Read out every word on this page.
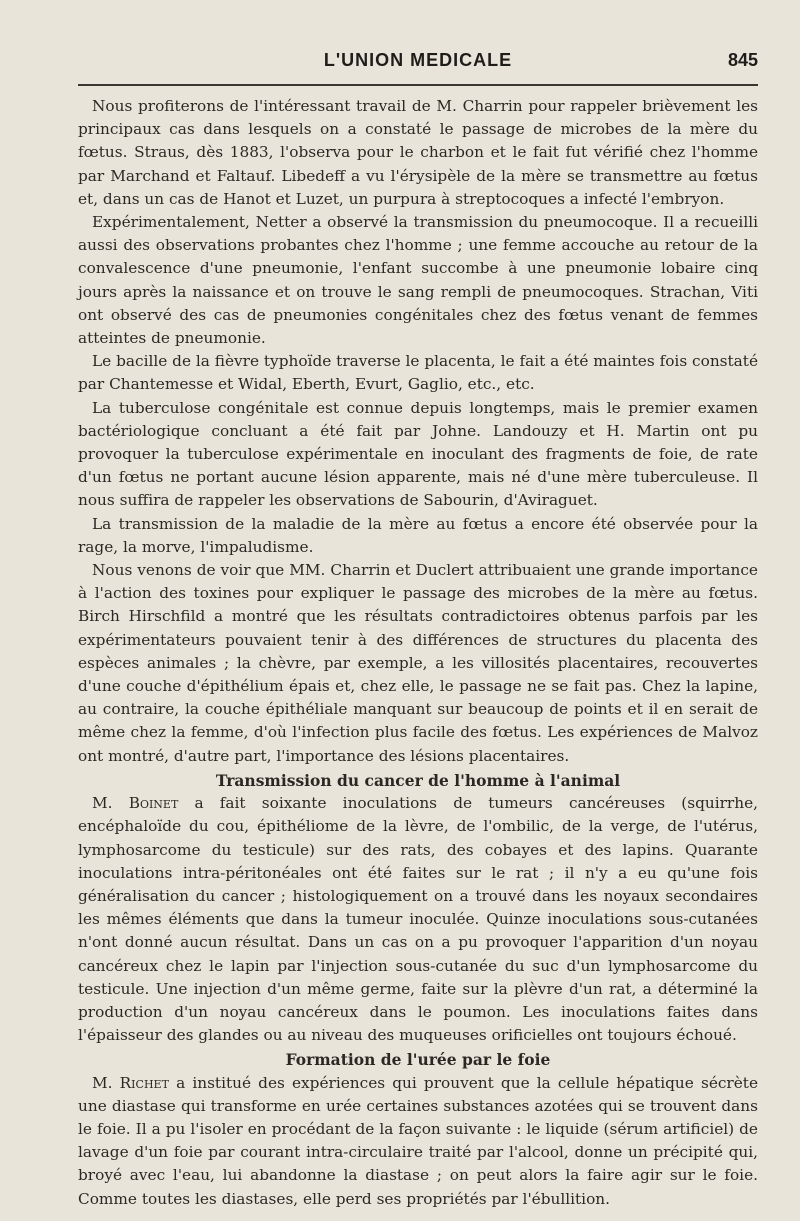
L'UNION MEDICALE	845

Nous profiterons de l'intéressant travail de M. Charrin pour rappeler brièvement les principaux cas dans lesquels on a constaté le passage de microbes de la mère du fœtus. Straus, dès 1883, l'observa pour le charbon et le fait fut vérifié chez l'homme par Marchand et Faltauf. Libedeff a vu l'érysipèle de la mère se transmettre au fœtus et, dans un cas de Hanot et Luzet, un purpura à streptocoques a infecté l'embryon.

Expérimentalement, Netter a observé la transmission du pneumocoque. Il a recueilli aussi des observations probantes chez l'homme ; une femme accouche au retour de la convalescence d'une pneumonie, l'enfant succombe à une pneumonie lobaire cinq jours après la naissance et on trouve le sang rempli de pneumocoques. Strachan, Viti ont observé des cas de pneumonies congénitales chez des fœtus venant de femmes atteintes de pneumonie.

Le bacille de la fièvre typhoïde traverse le placenta, le fait a été maintes fois constaté par Chantemesse et Widal, Eberth, Evurt, Gaglio, etc., etc.

La tuberculose congénitale est connue depuis longtemps, mais le premier examen bactériologique concluant a été fait par Johne. Landouzy et H. Martin ont pu provoquer la tuberculose expérimentale en inoculant des fragments de foie, de rate d'un fœtus ne portant aucune lésion apparente, mais né d'une mère tuberculeuse. Il nous suffira de rappeler les observations de Sabourin, d'Aviraguet.

La transmission de la maladie de la mère au fœtus a encore été observée pour la rage, la morve, l'impaludisme.

Nous venons de voir que MM. Charrin et Duclert attribuaient une grande importance à l'action des toxines pour expliquer le passage des microbes de la mère au fœtus. Birch Hirschfild a montré que les résultats contradictoires obtenus parfois par les expérimentateurs pouvaient tenir à des différences de structures du placenta des espèces animales ; la chèvre, par exemple, a les villosités placentaires, recouvertes d'une couche d'épithélium épais et, chez elle, le passage ne se fait pas. Chez la lapine, au contraire, la couche épithéliale manquant sur beaucoup de points et il en serait de même chez la femme, d'où l'infection plus facile des fœtus. Les expériences de Malvoz ont montré, d'autre part, l'importance des lésions placentaires.

Transmission du cancer de l'homme à l'animal

M. Boinet a fait soixante inoculations de tumeurs cancéreuses (squirrhe, encéphaloïde du cou, épithéliome de la lèvre, de l'ombilic, de la verge, de l'utérus, lymphosarcome du testicule) sur des rats, des cobayes et des lapins. Quarante inoculations intra-péritonéales ont été faites sur le rat ; il n'y a eu qu'une fois généralisation du cancer ; histologiquement on a trouvé dans les noyaux secondaires les mêmes éléments que dans la tumeur inoculée. Quinze inoculations sous-cutanées n'ont donné aucun résultat. Dans un cas on a pu provoquer l'apparition d'un noyau cancéreux chez le lapin par l'injection sous-cutanée du suc d'un lymphosarcome du testicule. Une injection d'un même germe, faite sur la plèvre d'un rat, a déterminé la production d'un noyau cancéreux dans le poumon. Les inoculations faites dans l'épaisseur des glandes ou au niveau des muqueuses orificielles ont toujours échoué.

Formation de l'urée par le foie

M. Richet a institué des expériences qui prouvent que la cellule hépatique sécrète une diastase qui transforme en urée certaines substances azotées qui se trouvent dans le foie. Il a pu l'isoler en procédant de la façon suivante : le liquide (sérum artificiel) de lavage d'un foie par courant intra-circulaire traité par l'alcool, donne un précipité qui, broyé avec l'eau, lui abandonne la diastase ; on peut alors la faire agir sur le foie. Comme toutes les diastases, elle perd ses propriétés par l'ébullition.
